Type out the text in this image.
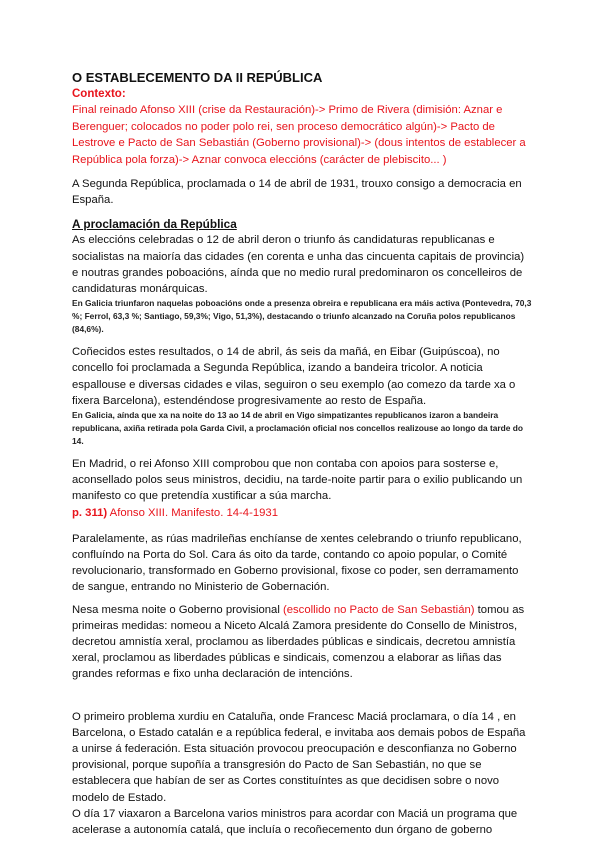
O ESTABLECEMENTO DA II REPÚBLICA

Contexto:

Final reinado Afonso XIII (crise da Restauración)-> Primo de Rivera (dimisión: Aznar e Berenguer; colocados no poder polo rei, sen proceso democrático algún)-> Pacto de Lestrove e Pacto de San Sebastián (Goberno provisional)-> (dous intentos de establecer a República pola forza)-> Aznar convoca eleccións (carácter de plebiscito... )

A Segunda República, proclamada o 14 de abril de 1931, trouxo consigo a democracia en España.

A proclamación da República

As eleccións celebradas o 12 de abril deron o triunfo ás candidaturas republicanas e socialistas na maioría das cidades (en corenta e unha das cincuenta capitais de provincia) e noutras grandes poboacións, aínda que no medio rural predominaron os concelleiros de candidaturas monárquicas.

En Galicia triunfaron naquelas poboacións onde a presenza obreira e republicana era máis activa (Pontevedra, 70,3 %; Ferrol, 63,3 %; Santiago, 59,3%; Vigo, 51,3%), destacando o triunfo alcanzado na Coruña polos republicanos (84,6%).

Coñecidos estes resultados, o 14 de abril, ás seis da mañá, en Eibar (Guipúscoa), no concello foi proclamada a Segunda República, izando a bandeira tricolor. A noticia espallouse e diversas cidades e vilas, seguiron o seu exemplo (ao comezo da tarde xa o fixera Barcelona), estendéndose progresivamente ao resto de España.

En Galicia, aínda que xa na noite do 13 ao 14 de abril en Vigo simpatizantes republicanos izaron a bandeira republicana, axiña retirada pola Garda Civil, a proclamación oficial nos concellos realizouse ao longo da tarde do 14.

En Madrid, o rei Afonso XIII comprobou que non contaba con apoios para sosterse e, aconsellado polos seus ministros, decidiu, na tarde-noite partir para o exilio publicando un manifesto co que pretendía xustificar a súa marcha.

p. 311) Afonso XIII. Manifesto. 14-4-1931

Paralelamente, as rúas madrileñas enchíanse de xentes celebrando o triunfo republicano, confluíndo na Porta do Sol. Cara ás oito da tarde, contando co apoio popular, o Comité revolucionario, transformado en Goberno provisional, fixose co poder, sen derramamento de sangue, entrando no Ministerio de Gobernación.

Nesa mesma noite o Goberno provisional (escollido no Pacto de San Sebastián) tomou as primeiras medidas: nomeou a Niceto Alcalá Zamora presidente do Consello de Ministros, decretou amnistía xeral, proclamou as liberdades públicas e sindicais, decretou amnistía xeral, proclamou as liberdades públicas e sindicais, comenzou a elaborar as liñas das grandes reformas e fixo unha declaración de intencións.

O primeiro problema xurdiu en Cataluña, onde Francesc Maciá proclamara, o día 14 , en Barcelona, o Estado catalán e a república federal, e invitaba aos demais pobos de España a unirse á federación. Esta situación provocou preocupación e desconfianza no Goberno provisional, porque supoñía a transgresión do Pacto de San Sebastián, no que se establecera que habían de ser as Cortes constituíntes as que decidisen sobre o novo modelo de Estado.

O día 17 viaxaron a Barcelona varios ministros para acordar con Maciá un programa que acelerase a autonomía catalá, que incluía o recoñecemento dun órgano de goberno
